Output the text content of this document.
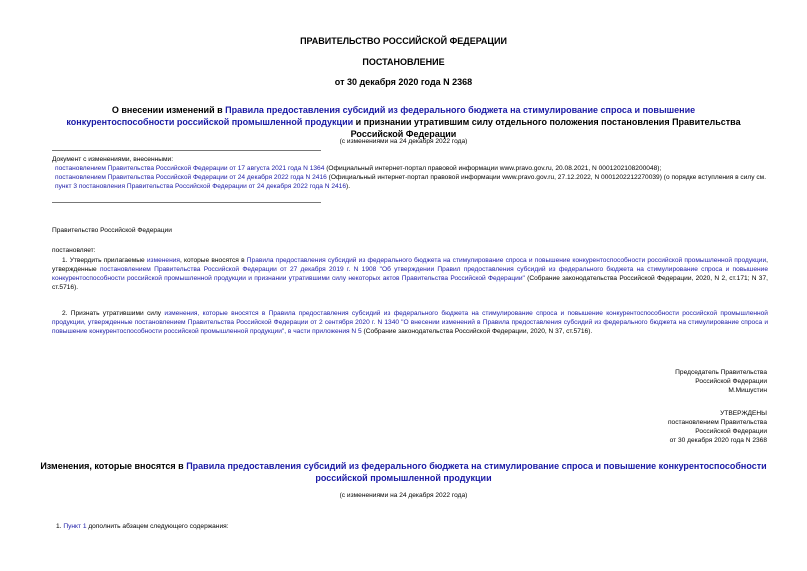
ПРАВИТЕЛЬСТВО РОССИЙСКОЙ ФЕДЕРАЦИИ
ПОСТАНОВЛЕНИЕ
от 30 декабря 2020 года N 2368
О внесении изменений в Правила предоставления субсидий из федерального бюджета на стимулирование спроса и повышение конкурентоспособности российской промышленной продукции и признании утратившим силу отдельного положения постановления Правительства Российской Федерации
(с изменениями на 24 декабря 2022 года)
Документ с изменениями, внесенными:
постановлением Правительства Российской Федерации от 17 августа 2021 года N 1364 (Официальный интернет-портал правовой информации www.pravo.gov.ru, 20.08.2021, N 0001202108200048);
постановлением Правительства Российской Федерации от 24 декабря 2022 года N 2416 (Официальный интернет-портал правовой информации www.pravo.gov.ru, 27.12.2022, N 0001202212270039) (о порядке вступления в силу см. пункт 3 постановления Правительства Российской Федерации от 24 декабря 2022 года N 2416).
Правительство Российской Федерации
постановляет:
1. Утвердить прилагаемые изменения, которые вносятся в Правила предоставления субсидий из федерального бюджета на стимулирование спроса и повышение конкурентоспособности российской промышленной продукции, утвержденные постановлением Правительства Российской Федерации от 27 декабря 2019 г. N 1908 "Об утверждении Правил предоставления субсидий из федерального бюджета на стимулирование спроса и повышение конкурентоспособности российской промышленной продукции и признании утратившими силу некоторых актов Правительства Российской Федерации" (Собрание законодательства Российской Федерации, 2020, N 2, ст.171; N 37, ст.5716).
2. Признать утратившими силу изменения, которые вносятся в Правила предоставления субсидий из федерального бюджета на стимулирование спроса и повышение конкурентоспособности российской промышленной продукции, утвержденные постановлением Правительства Российской Федерации от 2 сентября 2020 г. N 1340 "О внесении изменений в Правила предоставления субсидий из федерального бюджета на стимулирование спроса и повышение конкурентоспособности российской промышленной продукции", в части приложения N 5 (Собрание законодательства Российской Федерации, 2020, N 37, ст.5716).
Председатель Правительства
Российской Федерации
М.Мишустин
УТВЕРЖДЕНЫ
постановлением Правительства
Российской Федерации
от 30 декабря 2020 года N 2368
Изменения, которые вносятся в Правила предоставления субсидий из федерального бюджета на стимулирование спроса и повышение конкурентоспособности российской промышленной продукции
(с изменениями на 24 декабря 2022 года)
1. Пункт 1 дополнить абзацем следующего содержания:
